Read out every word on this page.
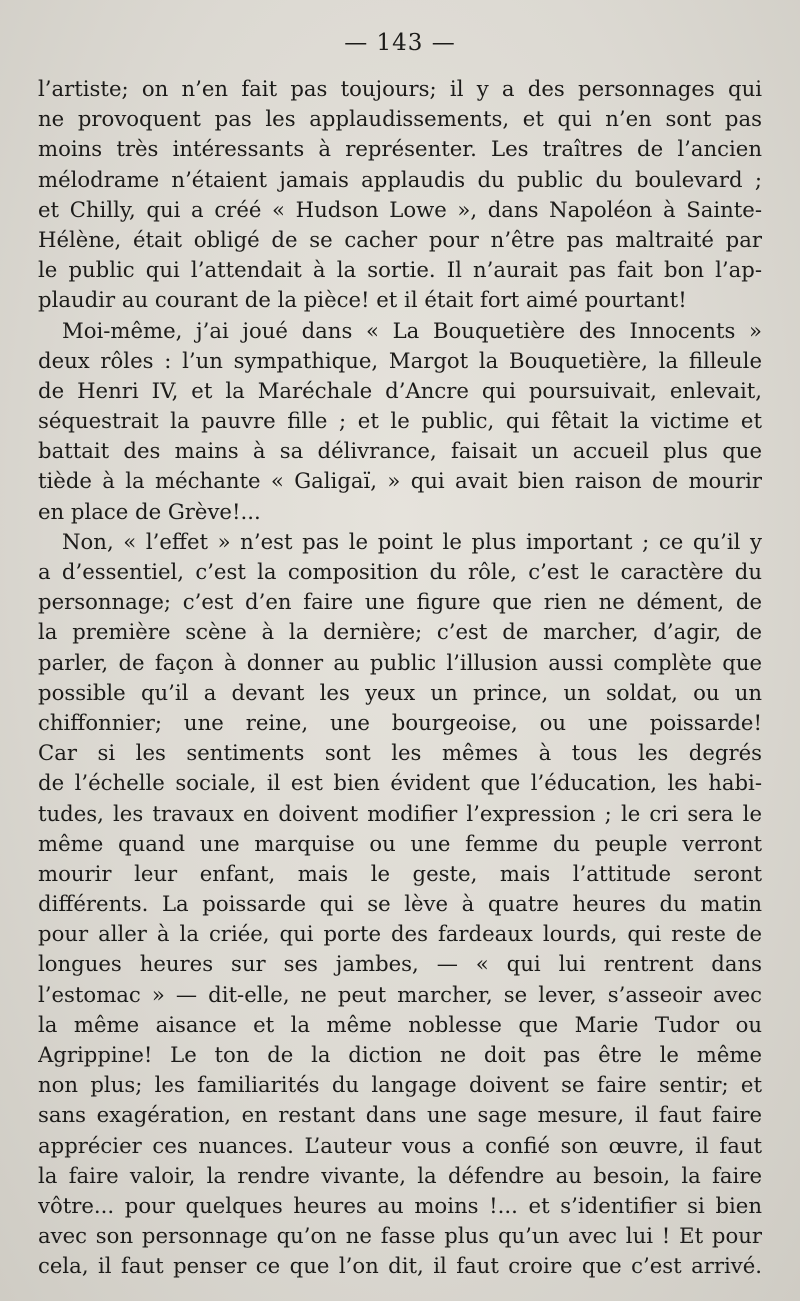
— 143 —
l’artiste; on n’en fait pas toujours; il y a des personnages qui
ne provoquent pas les applaudissements, et qui n’en sont pas
moins très intéressants à représenter. Les traîtres de l’ancien
mélodrame n’étaient jamais applaudis du public du boulevard ;
et Chilly, qui a créé « Hudson Lowe », dans Napoléon à Sainte-
Hélène, était obligé de se cacher pour n’être pas maltraité par
le public qui l’attendait à la sortie. Il n’aurait pas fait bon l’ap-
plaudir au courant de la pièce! et il était fort aimé pourtant!
Moi-même, j’ai joué dans « La Bouquetière des Innocents »
deux rôles : l’un sympathique, Margot la Bouquetière, la filleule
de Henri IV, et la Maréchale d’Ancre qui poursuivait, enlevait,
séquestrait la pauvre fille ; et le public, qui fêtait la victime et
battait des mains à sa délivrance, faisait un accueil plus que
tiède à la méchante « Galigaï, » qui avait bien raison de mourir
en place de Grève!...
Non, « l’effet » n’est pas le point le plus important ; ce qu’il y
a d’essentiel, c’est la composition du rôle, c’est le caractère du
personnage; c’est d’en faire une figure que rien ne dément, de
la première scène à la dernière; c’est de marcher, d’agir, de
parler, de façon à donner au public l’illusion aussi complète que
possible qu’il a devant les yeux un prince, un soldat, ou un
chiffonnier; une reine, une bourgeoise, ou une poissarde!
Car si les sentiments sont les mêmes à tous les degrés
de l’échelle sociale, il est bien évident que l’éducation, les habi-
tudes, les travaux en doivent modifier l’expression ; le cri sera le
même quand une marquise ou une femme du peuple verront
mourir leur enfant, mais le geste, mais l’attitude seront
différents. La poissarde qui se lève à quatre heures du matin
pour aller à la criée, qui porte des fardeaux lourds, qui reste de
longues heures sur ses jambes, — « qui lui rentrent dans
l’estomac » — dit-elle, ne peut marcher, se lever, s’asseoir avec
la même aisance et la même noblesse que Marie Tudor ou
Agrippine! Le ton de la diction ne doit pas être le même
non plus; les familiarités du langage doivent se faire sentir; et
sans exagération, en restant dans une sage mesure, il faut faire
apprécier ces nuances. L’auteur vous a confié son œuvre, il faut
la faire valoir, la rendre vivante, la défendre au besoin, la faire
vôtre... pour quelques heures au moins !... et s’identifier si bien
avec son personnage qu’on ne fasse plus qu’un avec lui ! Et pour
cela, il faut penser ce que l’on dit, il faut croire que c’est arrivé.
